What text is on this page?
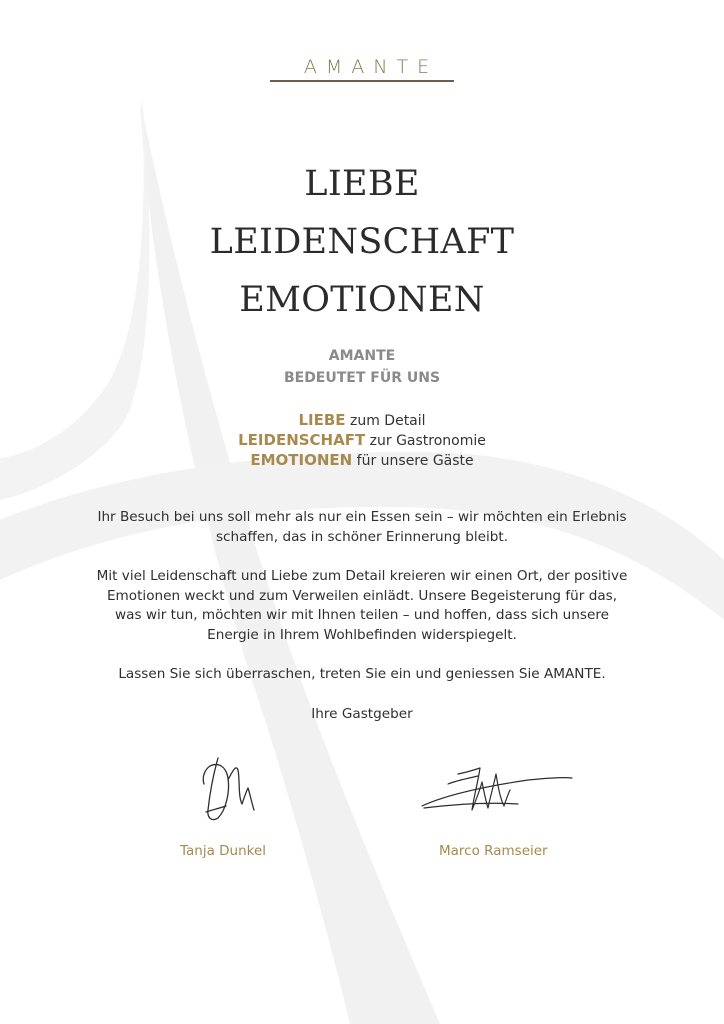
AMANTE
LIEBE
LEIDENSCHAFT
EMOTIONEN
AMANTE
BEDEUTET FÜR UNS
LIEBE zum Detail
LEIDENSCHAFT zur Gastronomie
EMOTIONEN für unsere Gäste
Ihr Besuch bei uns soll mehr als nur ein Essen sein – wir möchten ein Erlebnis
schaffen, das in schöner Erinnerung bleibt.
Mit viel Leidenschaft und Liebe zum Detail kreieren wir einen Ort, der positive
Emotionen weckt und zum Verweilen einlädt. Unsere Begeisterung für das,
was wir tun, möchten wir mit Ihnen teilen – und hoffen, dass sich unsere
Energie in Ihrem Wohlbefinden widerspiegelt.
Lassen Sie sich überraschen, treten Sie ein und geniessen Sie AMANTE.
Ihre Gastgeber
Tanja Dunkel	Marco Ramseier
